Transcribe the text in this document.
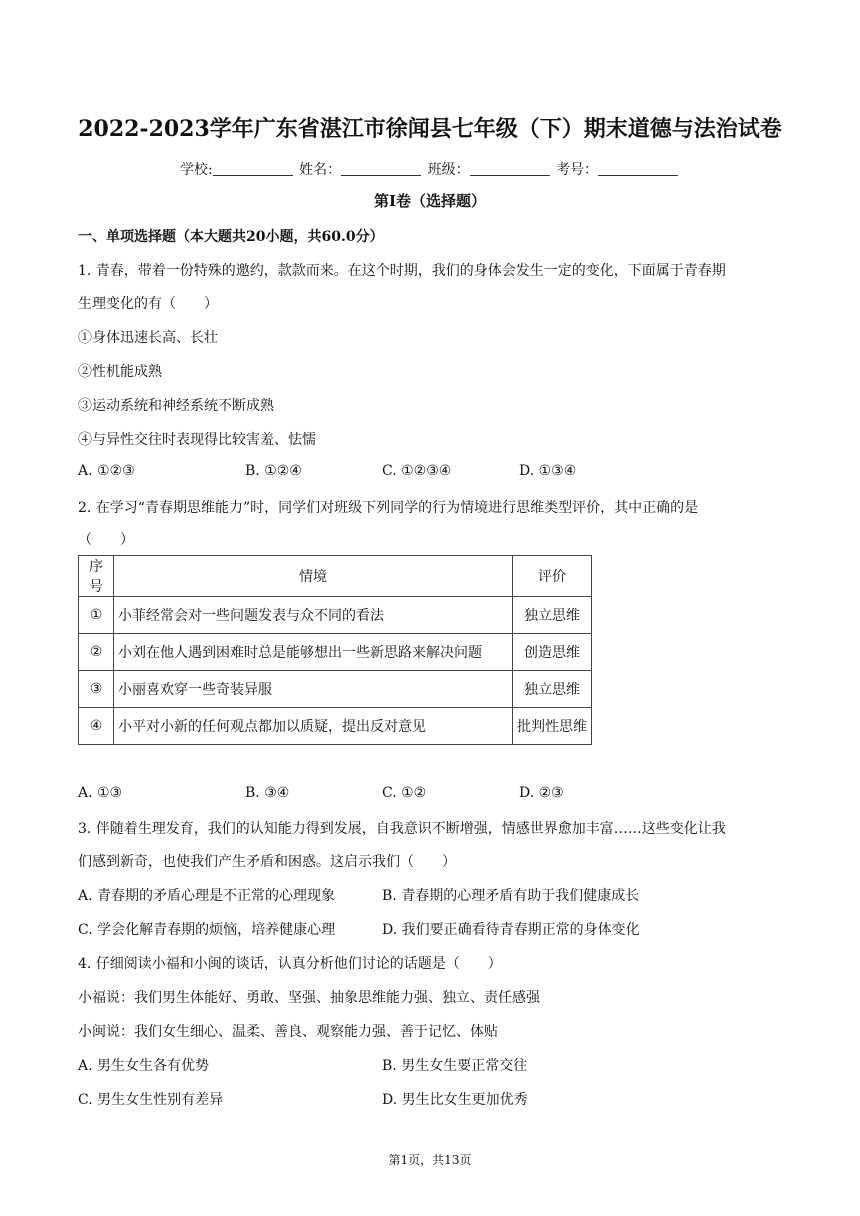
2022-2023学年广东省湛江市徐闻县七年级（下）期末道德与法治试卷
学校:	姓名：	班级：	考号：
第Ⅰ卷（选择题）
一、单项选择题（本大题共20小题，共60.0分）
1. 青春，带着一份特殊的邀约，款款而来。在这个时期，我们的身体会发生一定的变化，下面属于青春期
生理变化的有（　　）
①身体迅速长高、长壮
②性机能成熟
③运动系统和神经系统不断成熟
④与异性交往时表现得比较害羞、怯懦
A. ①②③	B. ①②④	C. ①②③④	D. ①③④
2. 在学习“青春期思维能力”时，同学们对班级下列同学的行为情境进行思维类型评价，其中正确的是
（　　）
序号	情境	评价
①	小菲经常会对一些问题发表与众不同的看法	独立思维
②	小刘在他人遇到困难时总是能够想出一些新思路来解决问题	创造思维
③	小丽喜欢穿一些奇装异服	独立思维
④	小平对小新的任何观点都加以质疑，提出反对意见	批判性思维
A. ①③	B. ③④	C. ①②	D. ②③
3. 伴随着生理发育，我们的认知能力得到发展，自我意识不断增强，情感世界愈加丰富……这些变化让我
们感到新奇，也使我们产生矛盾和困惑。这启示我们（　　）
A. 青春期的矛盾心理是不正常的心理现象	B. 青春期的心理矛盾有助于我们健康成长
C. 学会化解青春期的烦恼，培养健康心理	D. 我们要正确看待青春期正常的身体变化
4. 仔细阅读小福和小闽的谈话，认真分析他们讨论的话题是（　　）
小福说：我们男生体能好、勇敢、坚强、抽象思维能力强、独立、责任感强
小闽说：我们女生细心、温柔、善良、观察能力强、善于记忆、体贴
A. 男生女生各有优势	B. 男生女生要正常交往
C. 男生女生性别有差异	D. 男生比女生更加优秀
第1页，共13页
